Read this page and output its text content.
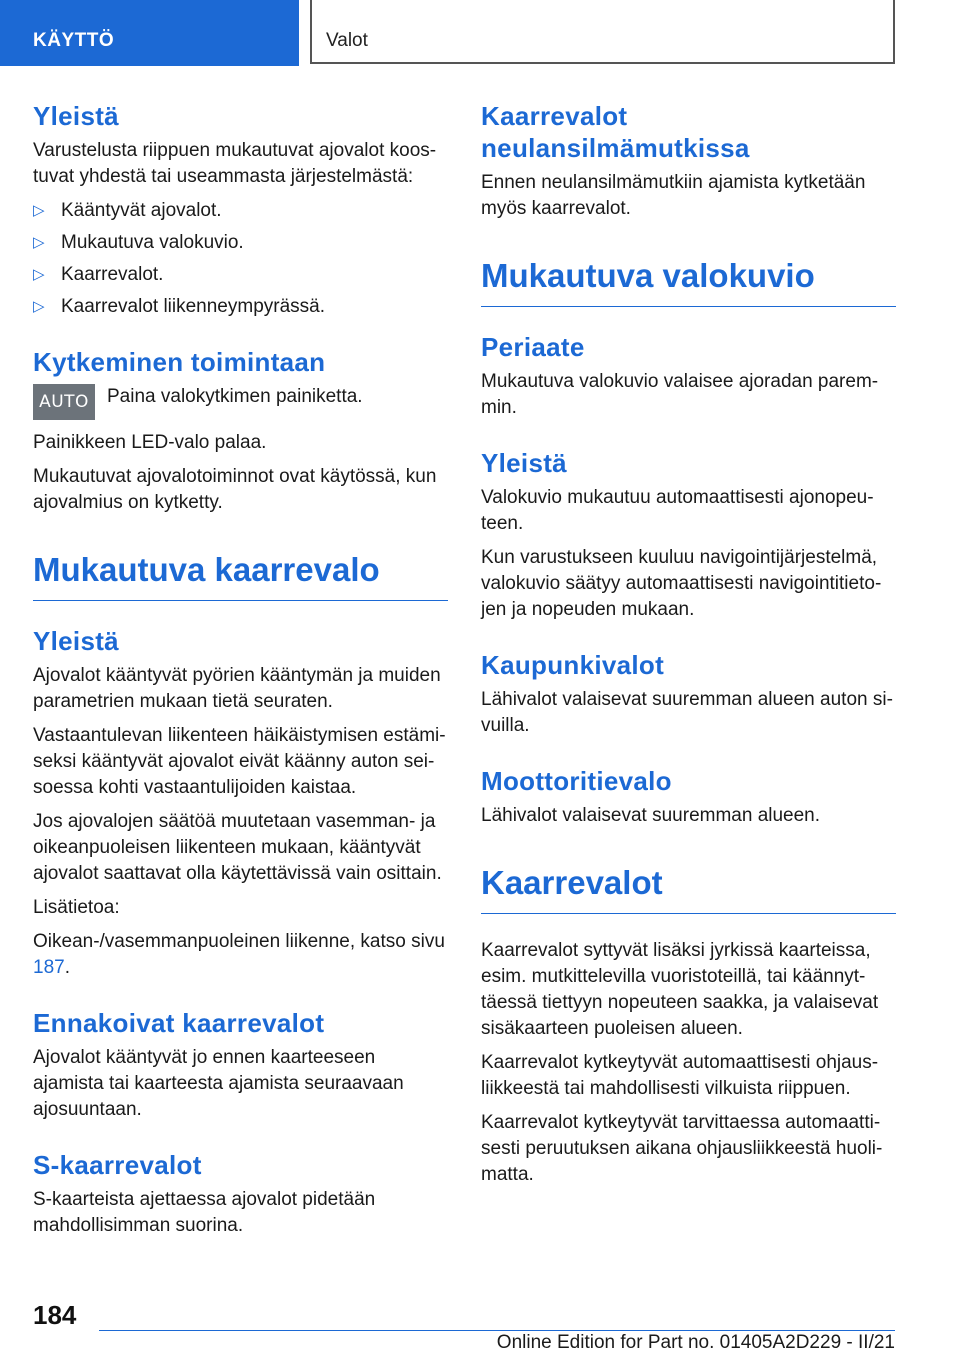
KÄYTTÖ	Valot
Yleistä

Varustelusta riippuen mukautuvat ajovalot koostuvat yhdestä tai useammasta järjestelmästä:

▷ Kääntyvät ajovalot.
▷ Mukautuva valokuvio.
▷ Kaarrevalot.
▷ Kaarrevalot liikenneympyrässä.
Kytkeminen toimintaan
AUTO Paina valokytkimen painiketta.

Painikkeen LED-valo palaa.

Mukautuvat ajovalotoiminnot ovat käytössä, kun ajovalmius on kytketty.

Mukautuva kaarrevalo
Yleistä

Ajovalot kääntyvät pyörien kääntymän ja muiden parametrien mukaan tietä seuraten.

Vastaantulevan liikenteen häikäistymisen estämiseksi kääntyvät ajovalot eivät käänny auton seisoessa kohti vastaantulijoiden kaistaa.

Jos ajovalojen säätöä muutetaan vasemman- ja oikeanpuoleisen liikenteen mukaan, kääntyvät ajovalot saattavat olla käytettävissä vain osittain.

Lisätietoa:

Oikean-/vasemmanpuoleinen liikenne, katso sivu 187.

Ennakoivat kaarrevalot

Ajovalot kääntyvät jo ennen kaarteeseen ajamista tai kaarteesta ajamista seuraavaan ajosuuntaan.

S-kaarrevalot

S-kaarteista ajettaessa ajovalot pidetään mahdollisimman suorina.

Kaarrevalot neulansilmämutkissa

Ennen neulansilmämutkiin ajamista kytketään myös kaarrevalot.

Mukautuva valokuvio
Periaate

Mukautuva valokuvio valaisee ajoradan paremmin.

Yleistä

Valokuvio mukautuu automaattisesti ajonopeuteen.

Kun varustukseen kuuluu navigointijärjestelmä, valokuvio säätyy automaattisesti navigointitietojen ja nopeuden mukaan.

Kaupunkivalot

Lähivalot valaisevat suuremman alueen auton sivuilla.

Moottoritievalo

Lähivalot valaisevat suuremman alueen.

Kaarrevalot

Kaarrevalot syttyvät lisäksi jyrkissä kaarteissa, esim. mutkittelevilla vuoristoteillä, tai käännyttäessä tiettyyn nopeuteen saakka, ja valaisevat sisäkaarteen puoleisen alueen.

Kaarrevalot kytkeytyvät automaattisesti ohjausliikkeestä tai mahdollisesti vilkuista riippuen.

Kaarrevalot kytkeytyvät tarvittaessa automaattisesti peruutuksen aikana ohjausliikkeestä huolimatta.

184
Online Edition for Part no. 01405A2D229 - II/21
